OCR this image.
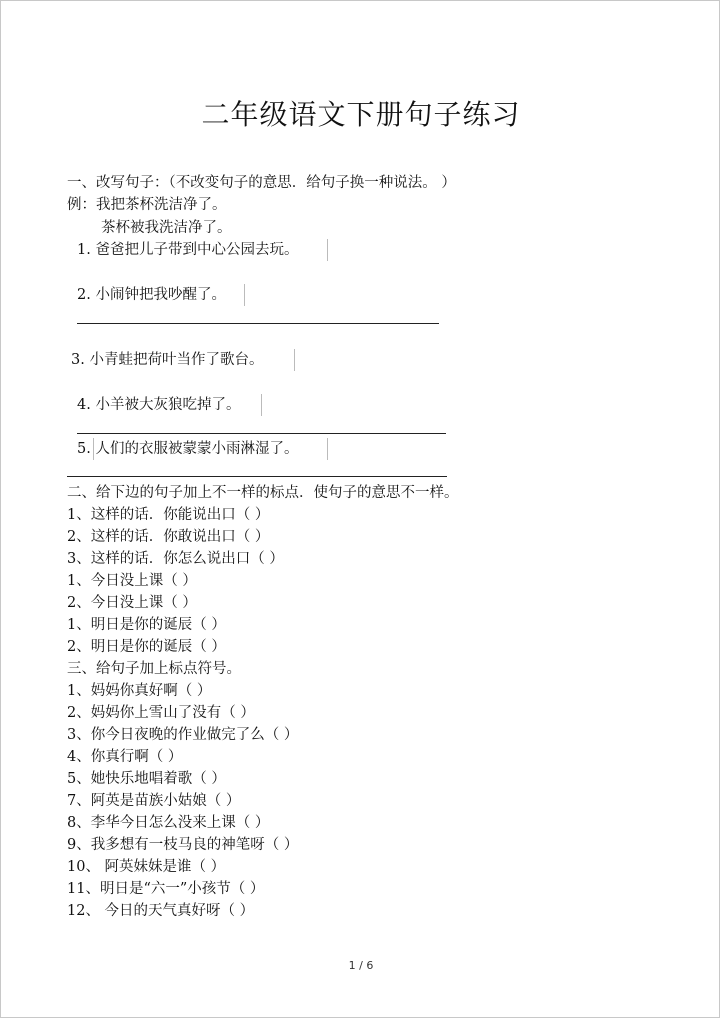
二年级语文下册句子练习
一、改写句子：（不改变句子的意思．给句子换一种说法。 ）
例：我把茶杯洗洁净了。
茶杯被我洗洁净了。
1. 爸爸把儿子带到中心公园去玩。
2. 小闹钟把我吵醒了。
3. 小青蛙把荷叶当作了歌台。
4. 小羊被大灰狼吃掉了。
5. 人们的衣服被蒙蒙小雨淋湿了。
二、给下边的句子加上不一样的标点．使句子的意思不一样。
1、这样的话．你能说出口（ ）
2、这样的话．你敢说出口（ ）
3、这样的话．你怎么说出口（ ）
1、今日没上课（ ）
2、今日没上课（ ）
1、明日是你的诞辰（ ）
2、明日是你的诞辰（ ）
三、给句子加上标点符号。
1、妈妈你真好啊（ ）
2、妈妈你上雪山了没有（ ）
3、你今日夜晚的作业做完了么（ ）
4、你真行啊（ ）
5、她快乐地唱着歌（ ）
7、阿英是苗族小姑娘（ ）
8、李华今日怎么没来上课（ ）
9、我多想有一枝马良的神笔呀（ ）
10、 阿英妹妹是谁（ ）
11、明日是“六一”小孩节（ ）
12、 今日的天气真好呀（ ）
1 / 6
